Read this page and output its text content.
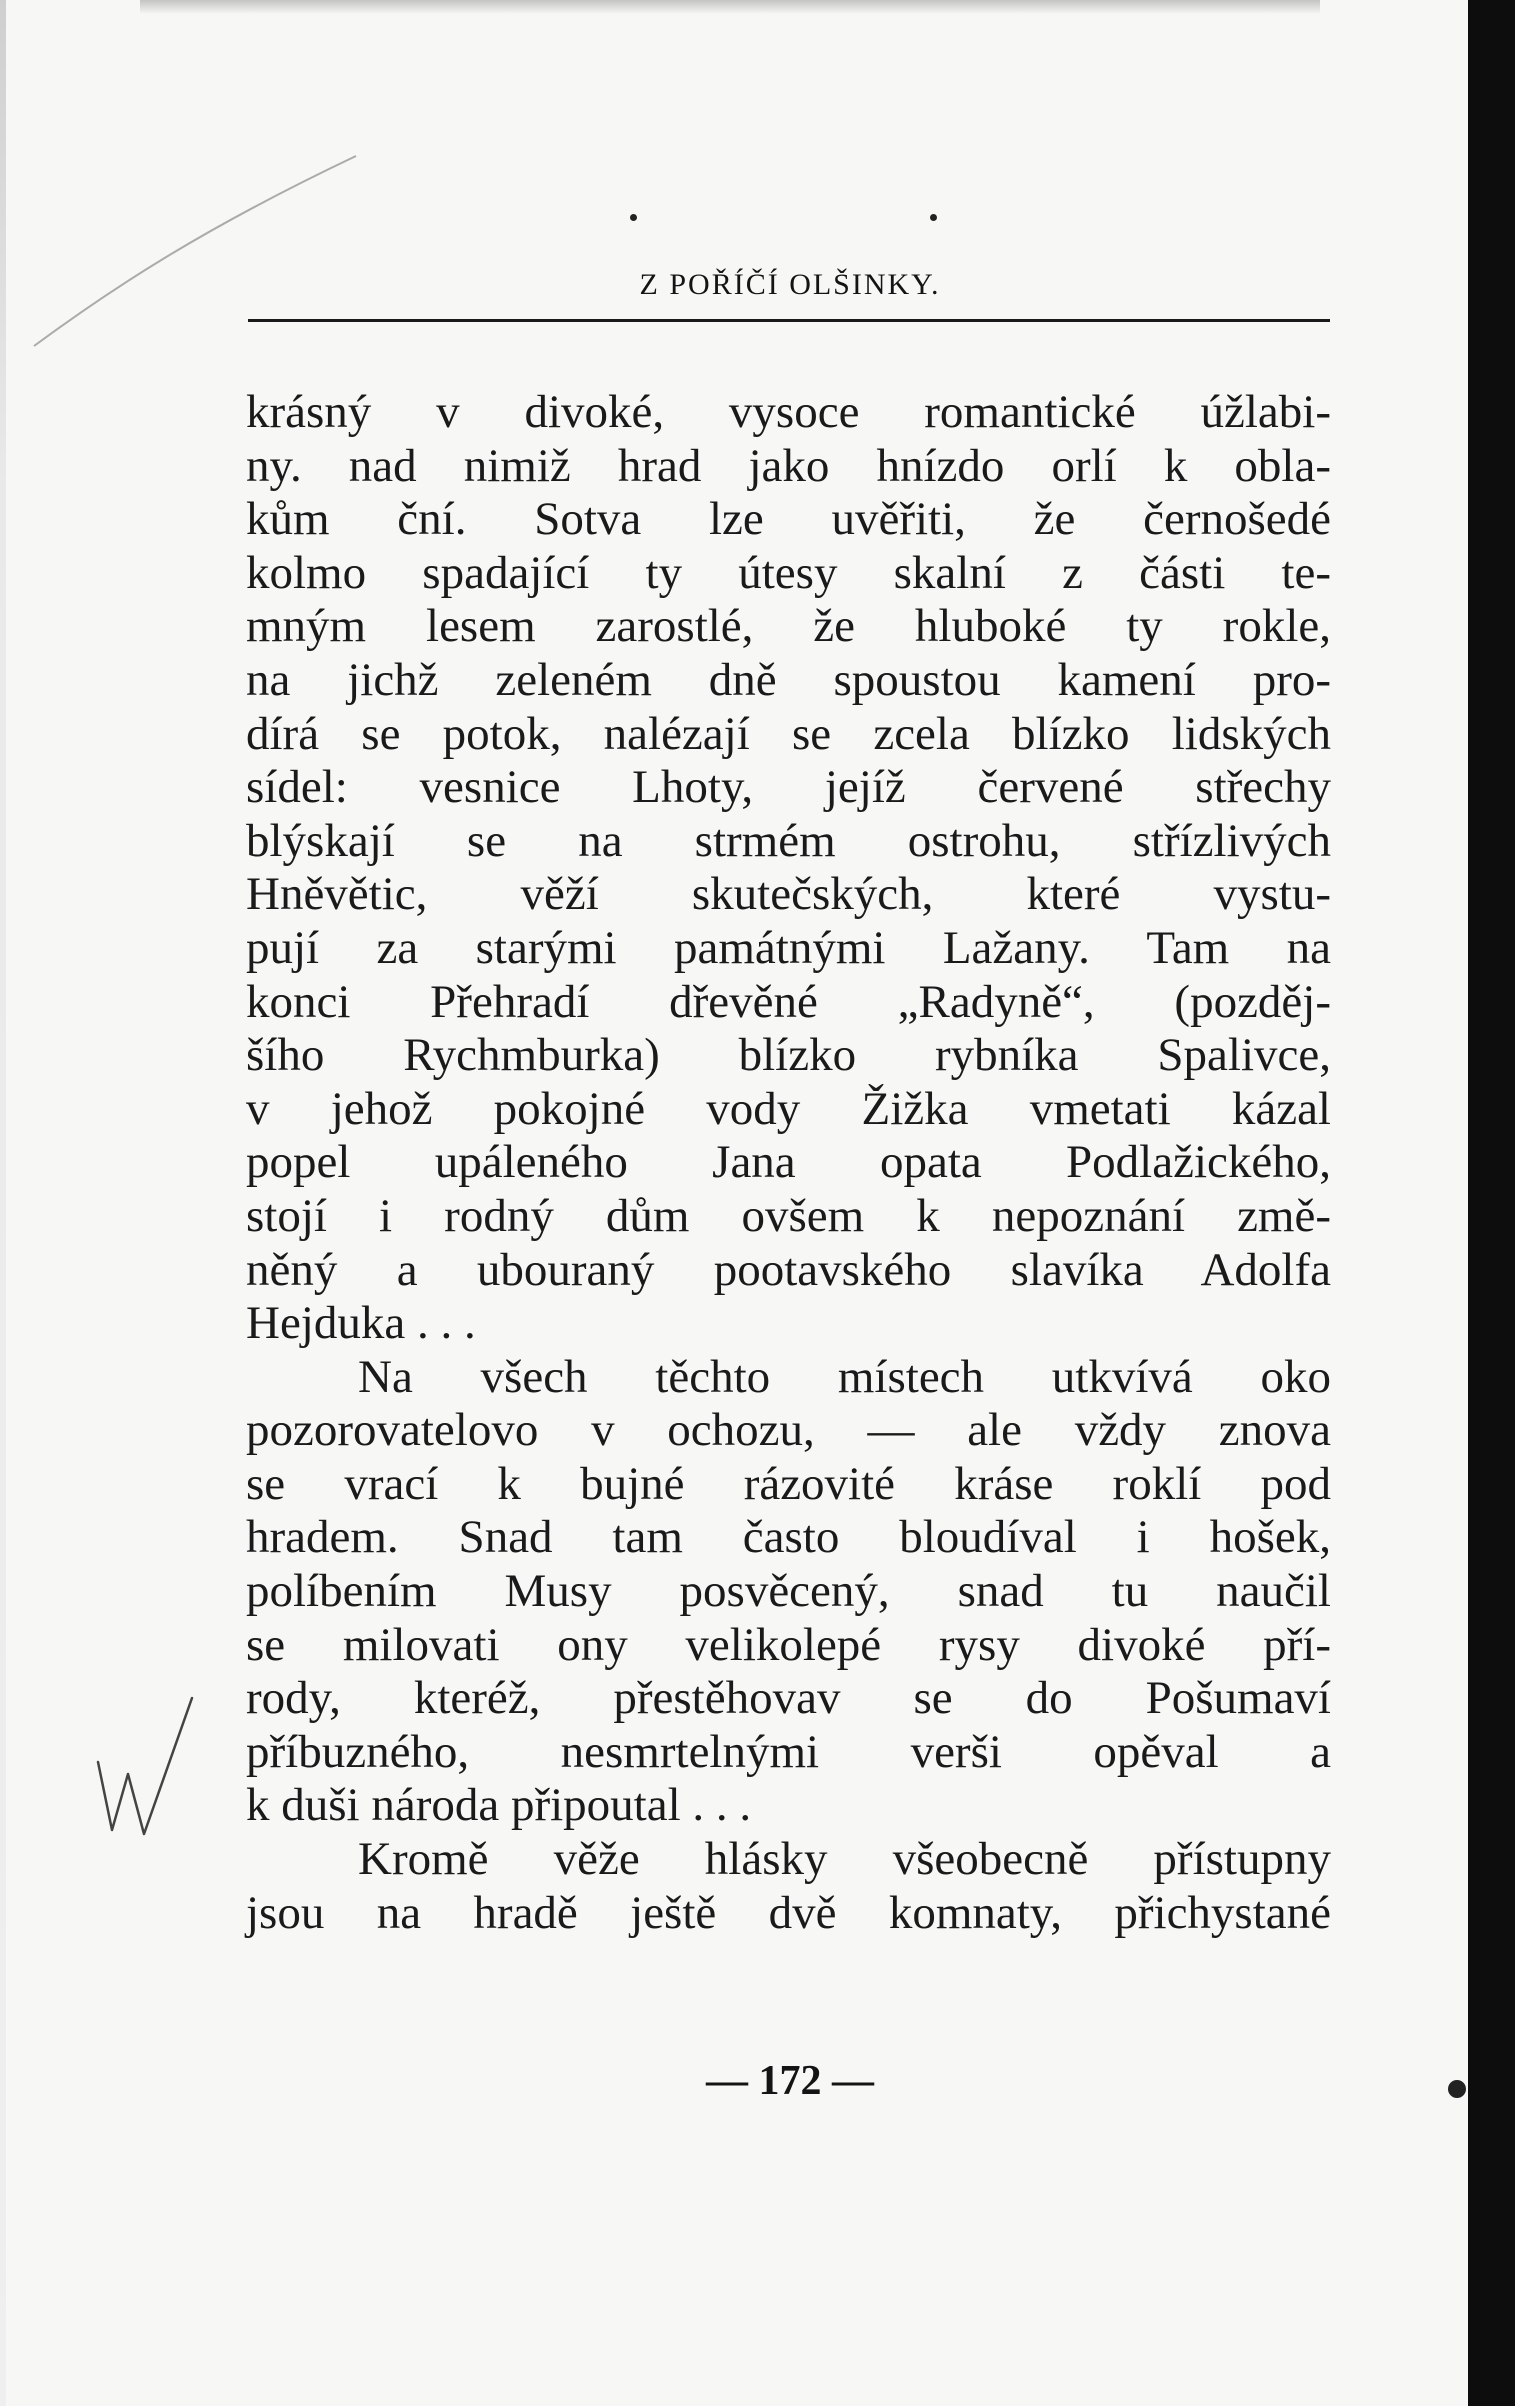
Z POŘÍČÍ OLŠINKY.
krásný v divoké, vysoce romantické úžlabi-
ny. nad nimiž hrad jako hnízdo orlí k obla-
kům ční. Sotva lze uvěřiti, že černošedé
kolmo spadající ty útesy skalní z části te-
mným lesem zarostlé, že hluboké ty rokle,
na jichž zeleném dně spoustou kamení pro-
dírá se potok, nalézají se zcela blízko lidských
sídel: vesnice Lhoty, jejíž červené střechy
blýskají se na strmém ostrohu, střízlivých
Hněvětic, věží skutečských, které vystu-
pují za starými památnými Lažany. Tam na
konci Přehradí dřevěné „Radyně“, (pozděj-
šího Rychmburka) blízko rybníka Spalivce,
v jehož pokojné vody Žižka vmetati kázal
popel upáleného Jana opata Podlažického,
stojí i rodný dům ovšem k nepoznání změ-
něný a ubouraný pootavského slavíka Adolfa
Hejduka . . .
Na všech těchto místech utkvívá oko
pozorovatelovo v ochozu, — ale vždy znova
se vrací k bujné rázovité kráse roklí pod
hradem. Snad tam často bloudíval i hošek,
políbením Musy posvěcený, snad tu naučil
se milovati ony velikolepé rysy divoké pří-
rody, kteréž, přestěhovav se do Pošumaví
příbuzného, nesmrtelnými verši opěval a
k duši národa připoutal . . .
Kromě věže hlásky všeobecně přístupny
jsou na hradě ještě dvě komnaty, přichystané
— 172 —
